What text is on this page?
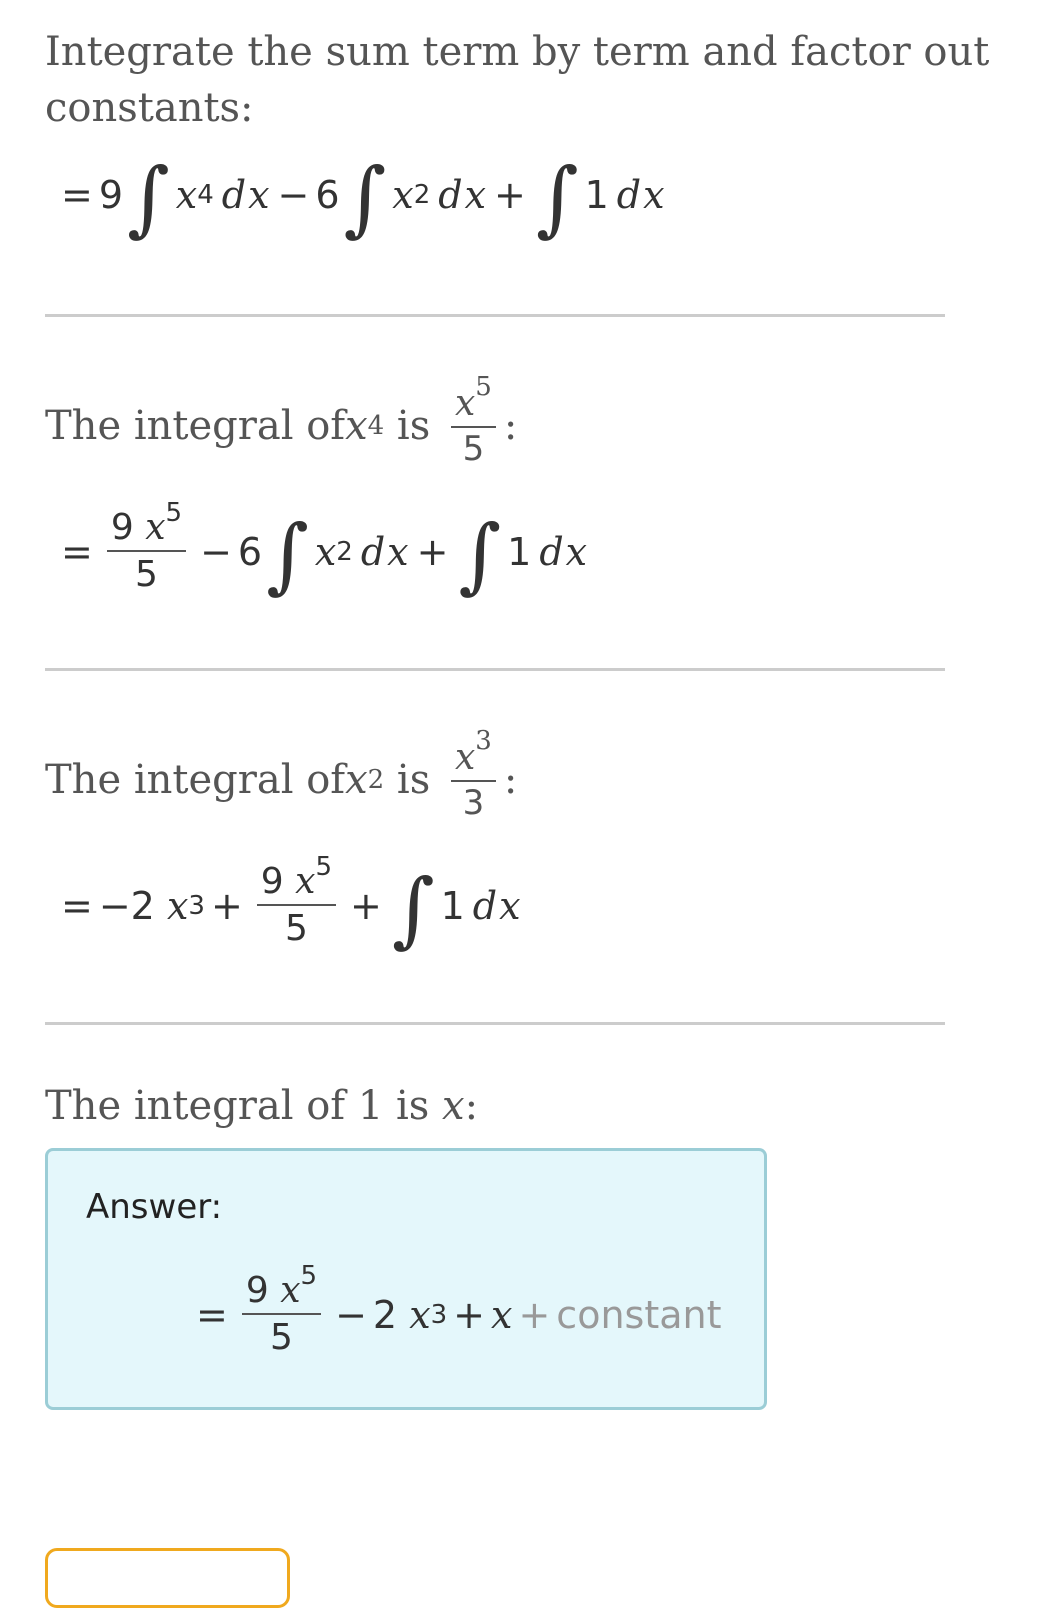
Integrate the sum term by term and factor out
constants:
= 9 ∫ x 4 dx − 6 ∫ x 2 dx + ∫ 1 dx
The integral of x 4 is $\frac{x^5}{5}$ :
= $\frac{9 x^5}{5} - 6$ ∫ x 2 dx + ∫ 1 dx
The integral of x 2 is $\frac{x^3}{3}$ :
= −2
x $3 + \frac{9 x^5}{5}$ + ∫ 1 dx
The integral of 1 is x:
Answer:
= $\frac{9 x^5}{5} - 2$
x 3 + x + constant
